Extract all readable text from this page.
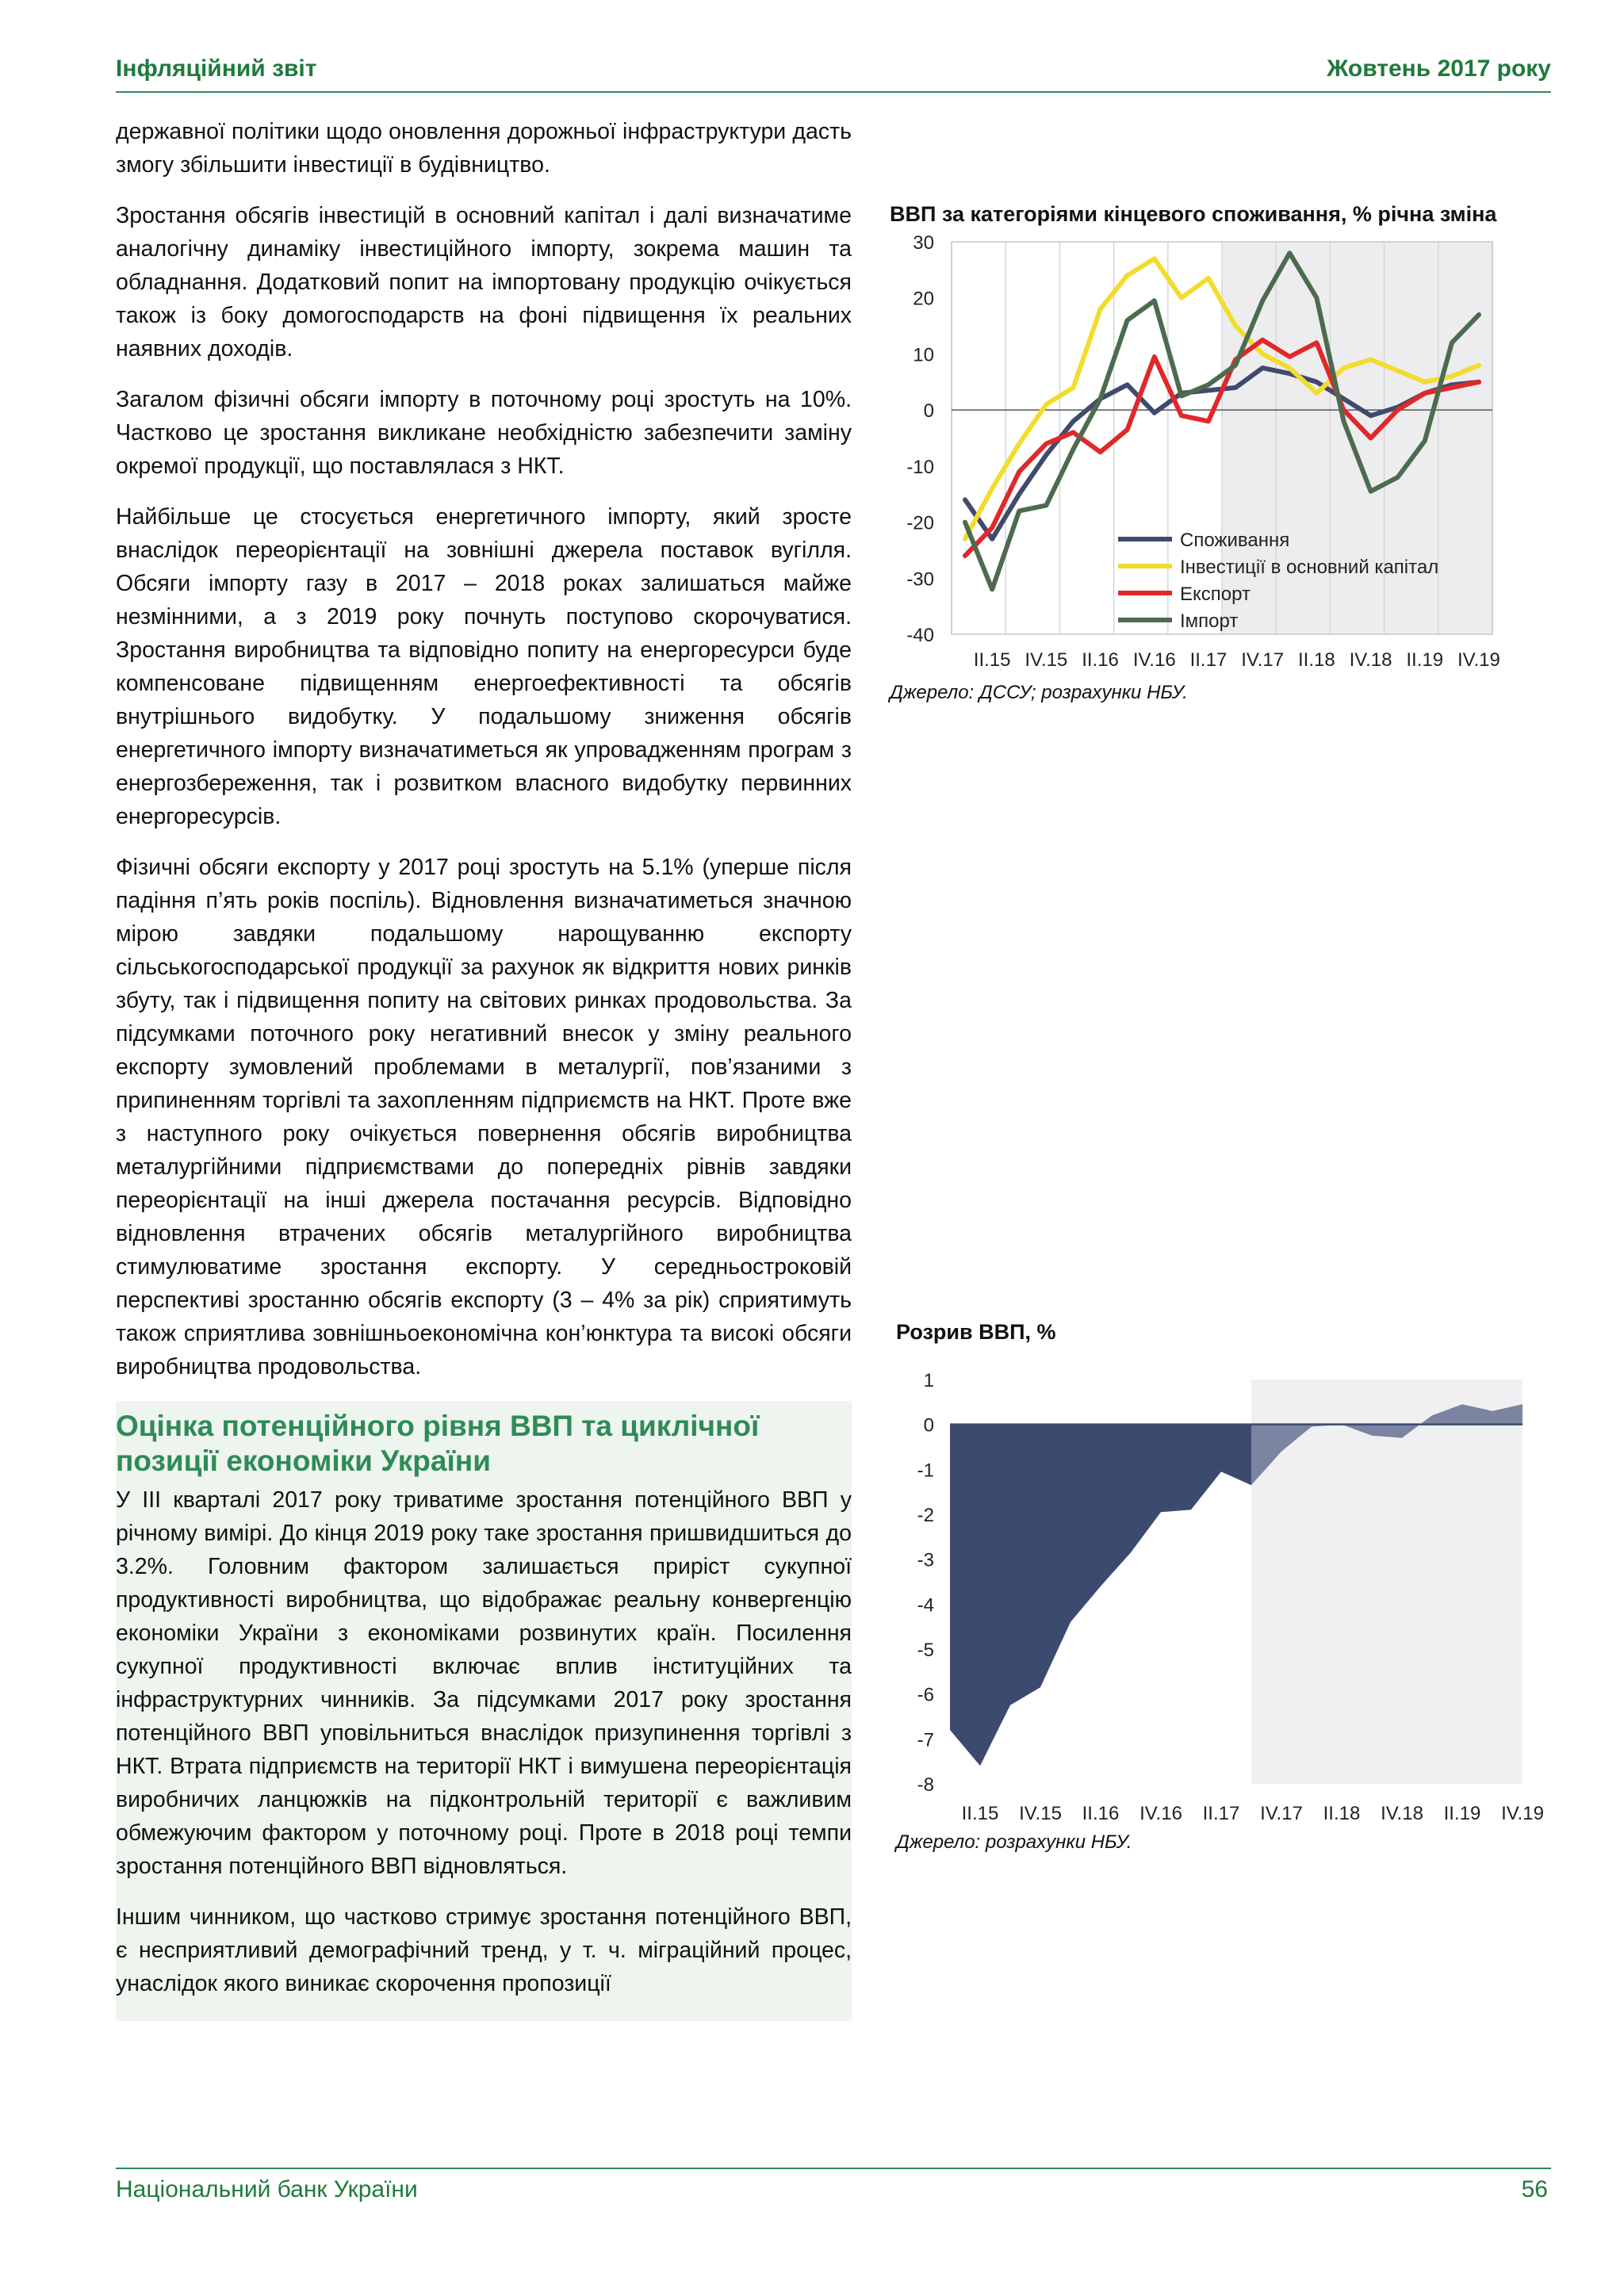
Інфляційний звіт	Жовтень 2017 року

державної політики щодо оновлення дорожньої інфраструктури дасть змогу збільшити інвестиції в будівництво.

Зростання обсягів інвестицій в основний капітал і далі визначатиме аналогічну динаміку інвестиційного імпорту, зокрема машин та обладнання. Додатковий попит на імпортовану продукцію очікується також із боку домогосподарств на фоні підвищення їх реальних наявних доходів.

Загалом фізичні обсяги імпорту в поточному році зростуть на 10%. Частково це зростання викликане необхідністю забезпечити заміну окремої продукції, що поставлялася з НКТ.

Найбільше це стосується енергетичного імпорту, який зросте внаслідок переорієнтації на зовнішні джерела поставок вугілля. Обсяги імпорту газу в 2017 – 2018 роках залишаться майже незмінними, а з 2019 року почнуть поступово скорочуватися. Зростання виробництва та відповідно попиту на енергоресурси буде компенсоване підвищенням енергоефективності та обсягів внутрішнього видобутку. У подальшому зниження обсягів енергетичного імпорту визначатиметься як упровадженням програм з енергозбереження, так і розвитком власного видобутку первинних енергоресурсів.

Фізичні обсяги експорту у 2017 році зростуть на 5.1% (уперше після падіння п’ять років поспіль). Відновлення визначатиметься значною мірою завдяки подальшому нарощуванню експорту сільськогосподарської продукції за рахунок як відкриття нових ринків збуту, так і підвищення попиту на світових ринках продовольства. За підсумками поточного року негативний внесок у зміну реального експорту зумовлений проблемами в металургії, пов’язаними з припиненням торгівлі та захопленням підприємств на НКТ. Проте вже з наступного року очікується повернення обсягів виробництва металургійними підприємствами до попередніх рівнів завдяки переорієнтації на інші джерела постачання ресурсів. Відповідно відновлення втрачених обсягів металургійного виробництва стимулюватиме зростання експорту. У середньостроковій перспективі зростанню обсягів експорту (3 – 4% за рік) сприятимуть також сприятлива зовнішньоекономічна кон’юнктура та високі обсяги виробництва продовольства.

Оцінка потенційного рівня ВВП та циклічної позиції економіки України

У ІІІ кварталі 2017 року триватиме зростання потенційного ВВП у річному вимірі. До кінця 2019 року таке зростання пришвидшиться до 3.2%. Головним фактором залишається приріст сукупної продуктивності виробництва, що відображає реальну конвергенцію економіки України з економіками розвинутих країн. Посилення сукупної продуктивності включає вплив інституційних та інфраструктурних чинників. За підсумками 2017 року зростання потенційного ВВП уповільниться внаслідок призупинення торгівлі з НКТ. Втрата підприємств на території НКТ і вимушена переорієнтація виробничих ланцюжків на підконтрольній території є важливим обмежуючим фактором у поточному році. Проте в 2018 році темпи зростання потенційного ВВП відновляться.

Іншим чинником, що частково стримує зростання потенційного ВВП, є несприятливий демографічний тренд, у т. ч. міграційний процес, унаслідок якого виникає скорочення пропозиції

ВВП за категоріями кінцевого споживання, % річна зміна
30
20
10
0
-10
-20
-30
-40
II.15 IV.15 II.16 IV.16 II.17 IV.17 II.18 IV.18 II.19 IV.19
Споживання
Інвестиції в основний капітал
Експорт
Імпорт
Джерело: ДССУ; розрахунки НБУ.
Розрив ВВП, %
1
0
-1
-2
-3
-4
-5
-6
-7
-8
II.15 IV.15 II.16 IV.16 II.17 IV.17 II.18 IV.18 II.19 IV.19
Джерело: розрахунки НБУ.
Національний банк України	56
